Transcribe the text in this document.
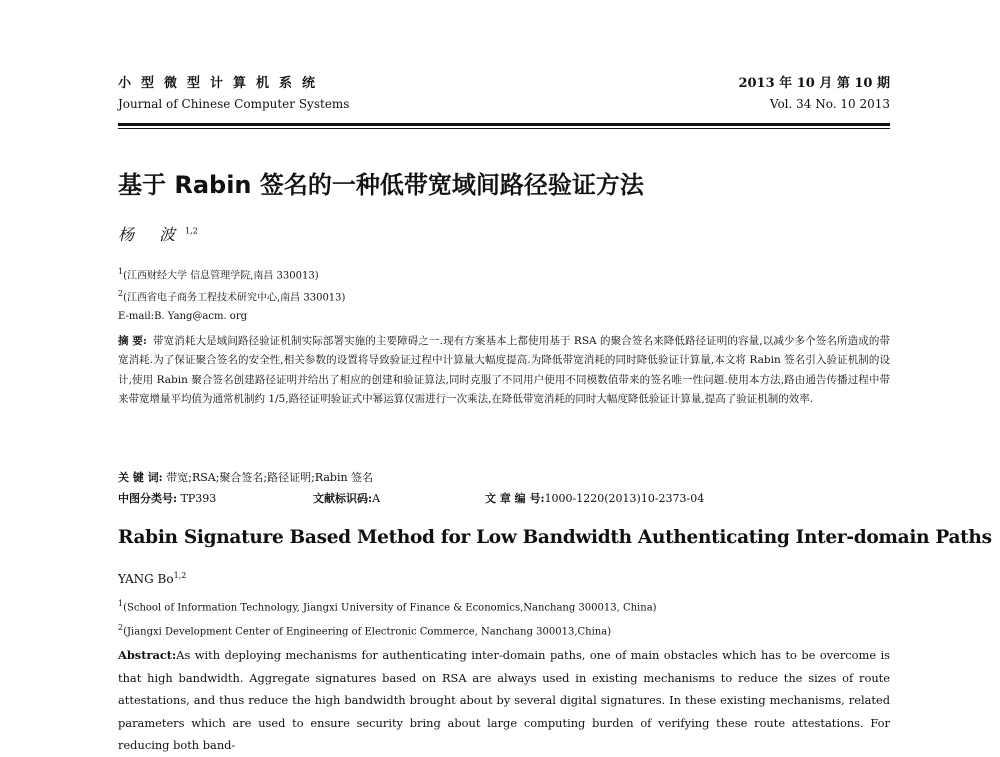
小型微型计算机系统	2013 年 10 月 第 10 期
Journal of Chinese Computer Systems	Vol. 34 No. 10 2013
基于 Rabin 签名的一种低带宽域间路径验证方法
杨 波$^{1,2}$
$^1$(江西财经大学 信息管理学院,南昌 330013)
$^2$(江西省电子商务工程技术研究中心,南昌 330013)
E-mail:B. Yang@acm. org
摘 要: 带宽消耗大是域间路径验证机制实际部署实施的主要障碍之一.现有方案基本上都使用基于 RSA 的聚合签名来降低路径证明的容量,以减少多个签名所造成的带宽消耗.为了保证聚合签名的安全性,相关参数的设置将导致验证过程中计算量大幅度提高.为降低带宽消耗的同时降低验证计算量,本文将 Rabin 签名引入验证机制的设计,使用 Rabin 聚合签名创建路径证明并给出了相应的创建和验证算法,同时克服了不同用户使用不同模数值带来的签名唯一性问题.使用本方法,路由通告传播过程中带来带宽增量平均值为通常机制约 1/5,路径证明验证式中幂运算仅需进行一次乘法,在降低带宽消耗的同时大幅度降低验证计算量,提高了验证机制的效率.
关 键 词: 带宽;RSA;聚合签名;路径证明;Rabin 签名
中图分类号: TP393	文献标识码:A	文 章 编 号:1000-1220(2013)10-2373-04
Rabin Signature Based Method for Low Bandwidth Authenticating Inter-domain Paths
YANG Bo$^{1,2}$
$^1$(School of Information Technology, Jiangxi University of Finance & Economics,Nanchang 300013, China)
$^2$(Jiangxi Development Center of Engineering of Electronic Commerce, Nanchang 300013,China)
Abstract:As with deploying mechanisms for authenticating inter-domain paths, one of main obstacles which has to be overcome is that high bandwidth. Aggregate signatures based on RSA are always used in existing mechanisms to reduce the sizes of route attestations, and thus reduce the high bandwidth brought about by several digital signatures. In these existing mechanisms, related parameters which are used to ensure security bring about large computing burden of verifying these route attestations. For reducing both band-
